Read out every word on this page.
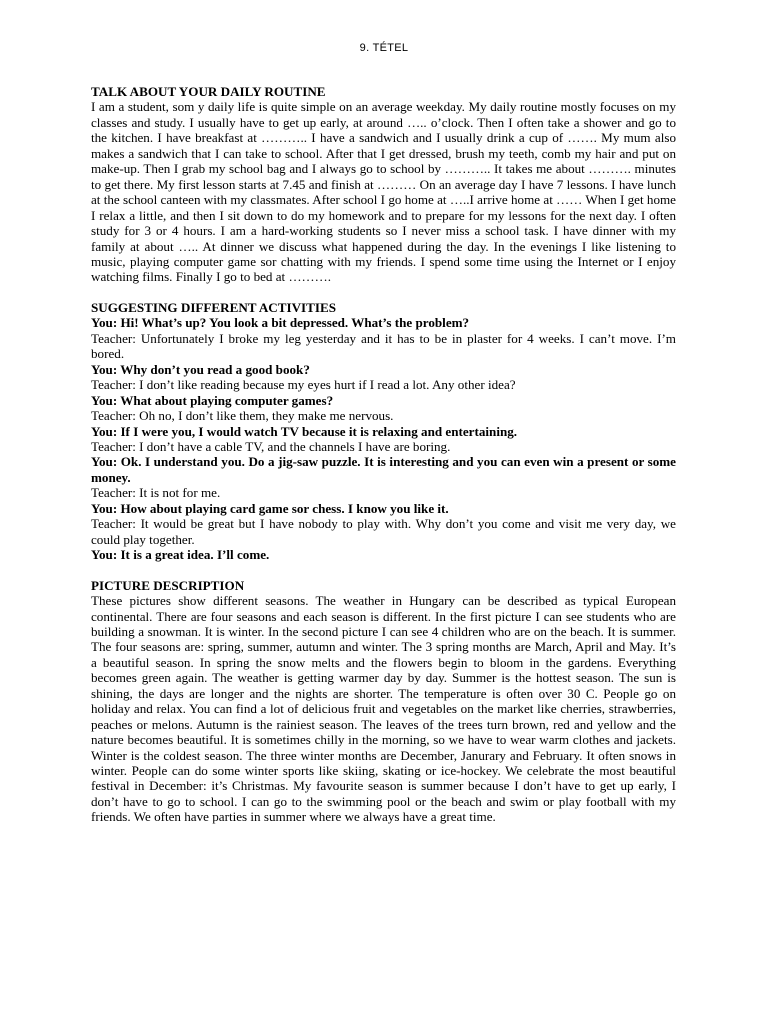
9. TÉTEL
TALK ABOUT YOUR DAILY ROUTINE

I am a student, som y daily life is quite simple on an average weekday. My daily routine mostly focuses on my classes and study. I usually have to get up early, at around ….. o’clock. Then I often take a shower and go to the kitchen. I have breakfast at ……….. I have a sandwich and I usually drink a cup of ……. My mum also makes a sandwich that I can take to school. After that I get dressed, brush my teeth, comb my hair and put on make-up. Then I grab my school bag and I always go to school by ……….. It takes me about ………. minutes to get there. My first lesson starts at 7.45 and finish at ……… On an average day I have 7 lessons. I have lunch at the school canteen with my classmates. After school I go home at …..I arrive home at …… When I get home I relax a little, and then I sit down to do my homework and to prepare for my lessons for the next day. I often study for 3 or 4 hours. I am a hard-working students so I never miss a school task. I have dinner with my family at about ….. At dinner we discuss what happened during the day. In the evenings I like listening to music, playing computer game sor chatting with my friends. I spend some time using the Internet or I enjoy watching films. Finally I go to bed at ……….

SUGGESTING DIFFERENT ACTIVITIES

You: Hi! What’s up? You look a bit depressed. What’s the problem?

Teacher: Unfortunately I broke my leg yesterday and it has to be in plaster for 4 weeks. I can’t move. I’m bored.

You: Why don’t you read a good book?

Teacher: I don’t like reading because my eyes hurt if I read a lot. Any other idea?

You: What about playing computer games?

Teacher: Oh no, I don’t like them, they make me nervous.

You: If I were you, I would watch TV because it is relaxing and entertaining.

Teacher: I don’t have a cable TV, and the channels I have are boring.

You: Ok. I understand you. Do a jig-saw puzzle. It is interesting and you can even win a present or some money.

Teacher: It is not for me.

You: How about playing card game sor chess. I know you like it.

Teacher: It would be great but I have nobody to play with. Why don’t you come and visit me very day, we could play together.

You: It is a great idea. I’ll come.

PICTURE DESCRIPTION

These pictures show different seasons. The weather in Hungary can be described as typical European continental. There are four seasons and each season is different. In the first picture I can see students who are building a snowman. It is winter. In the second picture I can see 4 children who are on the beach. It is summer. The four seasons are: spring, summer, autumn and winter. The 3 spring months are March, April and May. It’s a beautiful season. In spring the snow melts and the flowers begin to bloom in the gardens. Everything becomes green again. The weather is getting warmer day by day. Summer is the hottest season. The sun is shining, the days are longer and the nights are shorter. The temperature is often over 30 C. People go on holiday and relax. You can find a lot of delicious fruit and vegetables on the market like cherries, strawberries, peaches or melons. Autumn is the rainiest season. The leaves of the trees turn brown, red and yellow and the nature becomes beautiful. It is sometimes chilly in the morning, so we have to wear warm clothes and jackets. Winter is the coldest season. The three winter months are December, Janurary and February. It often snows in winter. People can do some winter sports like skiing, skating or ice-hockey. We celebrate the most beautiful festival in December: it’s Christmas. My favourite season is summer because I don’t have to get up early, I don’t have to go to school. I can go to the swimming pool or the beach and swim or play football with my friends. We often have parties in summer where we always have a great time.
